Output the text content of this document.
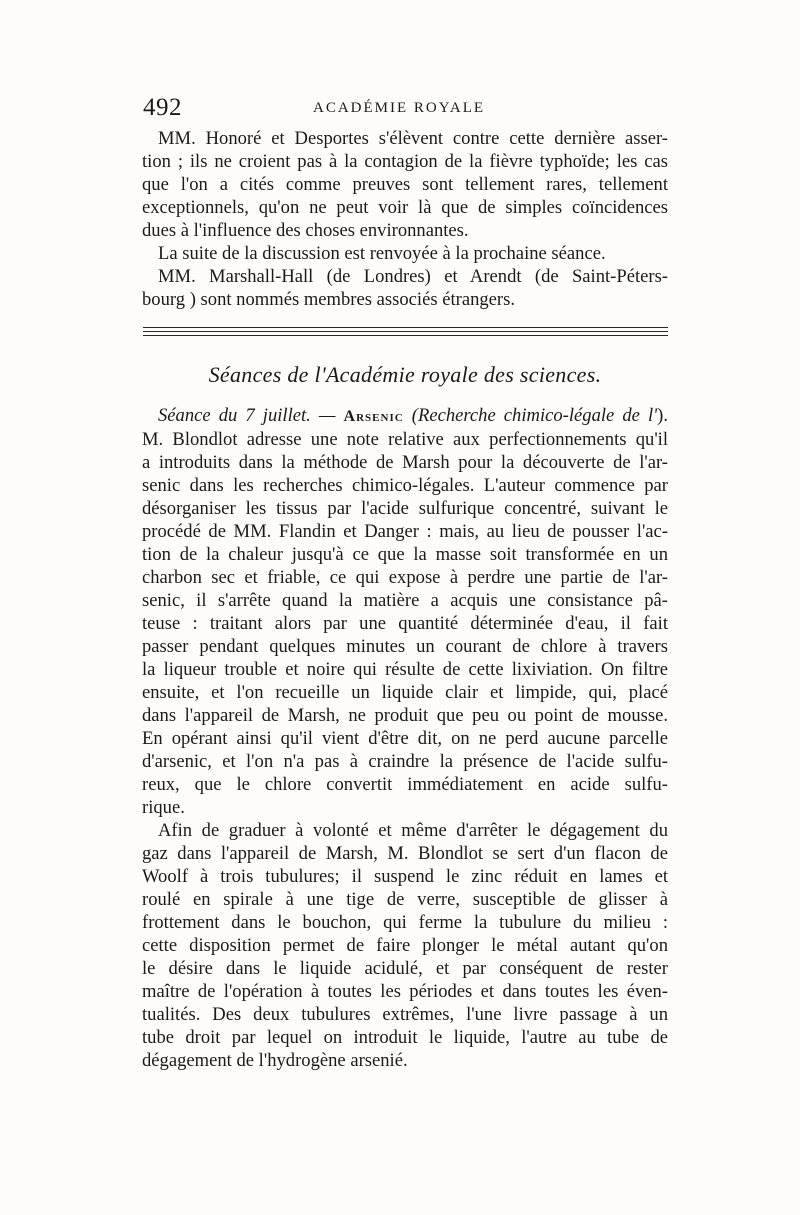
492	ACADÉMIE ROYALE
MM. Honoré et Desportes s'élèvent contre cette dernière asser-
tion ; ils ne croient pas à la contagion de la fièvre typhoïde; les cas
que l'on a cités comme preuves sont tellement rares, tellement
exceptionnels, qu'on ne peut voir là que de simples coïncidences
dues à l'influence des choses environnantes.
La suite de la discussion est renvoyée à la prochaine séance.
MM. Marshall-Hall (de Londres) et Arendt (de Saint-Péters-
bourg ) sont nommés membres associés étrangers.
Séances de l'Académie royale des sciences.
Séance du 7 juillet. — Arsenic (Recherche chimico-légale de l').
M. Blondlot adresse une note relative aux perfectionnements qu'il
a introduits dans la méthode de Marsh pour la découverte de l'ar-
senic dans les recherches chimico-légales. L'auteur commence par
désorganiser les tissus par l'acide sulfurique concentré, suivant le
procédé de MM. Flandin et Danger : mais, au lieu de pousser l'ac-
tion de la chaleur jusqu'à ce que la masse soit transformée en un
charbon sec et friable, ce qui expose à perdre une partie de l'ar-
senic, il s'arrête quand la matière a acquis une consistance pâ-
teuse : traitant alors par une quantité déterminée d'eau, il fait
passer pendant quelques minutes un courant de chlore à travers
la liqueur trouble et noire qui résulte de cette lixiviation. On filtre
ensuite, et l'on recueille un liquide clair et limpide, qui, placé
dans l'appareil de Marsh, ne produit que peu ou point de mousse.
En opérant ainsi qu'il vient d'être dit, on ne perd aucune parcelle
d'arsenic, et l'on n'a pas à craindre la présence de l'acide sulfu-
reux, que le chlore convertit immédiatement en acide sulfu-
rique.
Afin de graduer à volonté et même d'arrêter le dégagement du
gaz dans l'appareil de Marsh, M. Blondlot se sert d'un flacon de
Woolf à trois tubulures; il suspend le zinc réduit en lames et
roulé en spirale à une tige de verre, susceptible de glisser à
frottement dans le bouchon, qui ferme la tubulure du milieu :
cette disposition permet de faire plonger le métal autant qu'on
le désire dans le liquide acidulé, et par conséquent de rester
maître de l'opération à toutes les périodes et dans toutes les éven-
tualités. Des deux tubulures extrêmes, l'une livre passage à un
tube droit par lequel on introduit le liquide, l'autre au tube de
dégagement de l'hydrogène arsenié.
